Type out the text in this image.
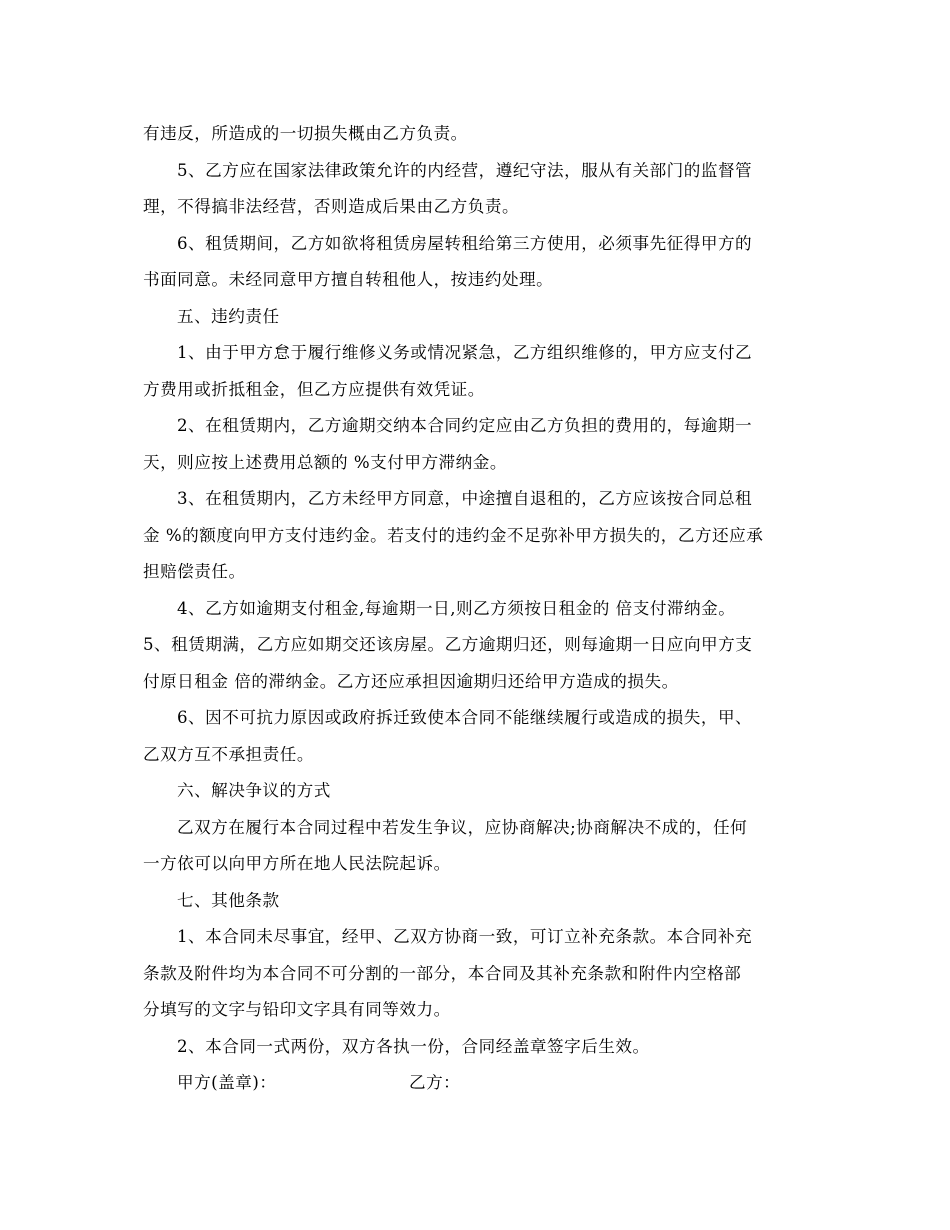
有违反，所造成的一切损失概由乙方负责。
5、乙方应在国家法律政策允许的内经营，遵纪守法，服从有关部门的监督管
理，不得搞非法经营，否则造成后果由乙方负责。
6、租赁期间，乙方如欲将租赁房屋转租给第三方使用，必须事先征得甲方的
书面同意。未经同意甲方擅自转租他人，按违约处理。
五、违约责任
1、由于甲方怠于履行维修义务或情况紧急，乙方组织维修的，甲方应支付乙
方费用或折抵租金，但乙方应提供有效凭证。
2、在租赁期内，乙方逾期交纳本合同约定应由乙方负担的费用的，每逾期一
天，则应按上述费用总额的 %支付甲方滞纳金。
3、在租赁期内，乙方未经甲方同意，中途擅自退租的，乙方应该按合同总租
金 %的额度向甲方支付违约金。若支付的违约金不足弥补甲方损失的，乙方还应承
担赔偿责任。
4、乙方如逾期支付租金,每逾期一日,则乙方须按日租金的 倍支付滞纳金。
5、租赁期满，乙方应如期交还该房屋。乙方逾期归还，则每逾期一日应向甲方支
付原日租金 倍的滞纳金。乙方还应承担因逾期归还给甲方造成的损失。
6、因不可抗力原因或政府拆迁致使本合同不能继续履行或造成的损失，甲、
乙双方互不承担责任。
六、解决争议的方式
乙双方在履行本合同过程中若发生争议，应协商解决;协商解决不成的，任何
一方依可以向甲方所在地人民法院起诉。
七、其他条款
1、本合同未尽事宜，经甲、乙双方协商一致，可订立补充条款。本合同补充
条款及附件均为本合同不可分割的一部分，本合同及其补充条款和附件内空格部
分填写的文字与铅印文字具有同等效力。
2、本合同一式两份，双方各执一份，合同经盖章签字后生效。
甲方(盖章)：	乙方：
